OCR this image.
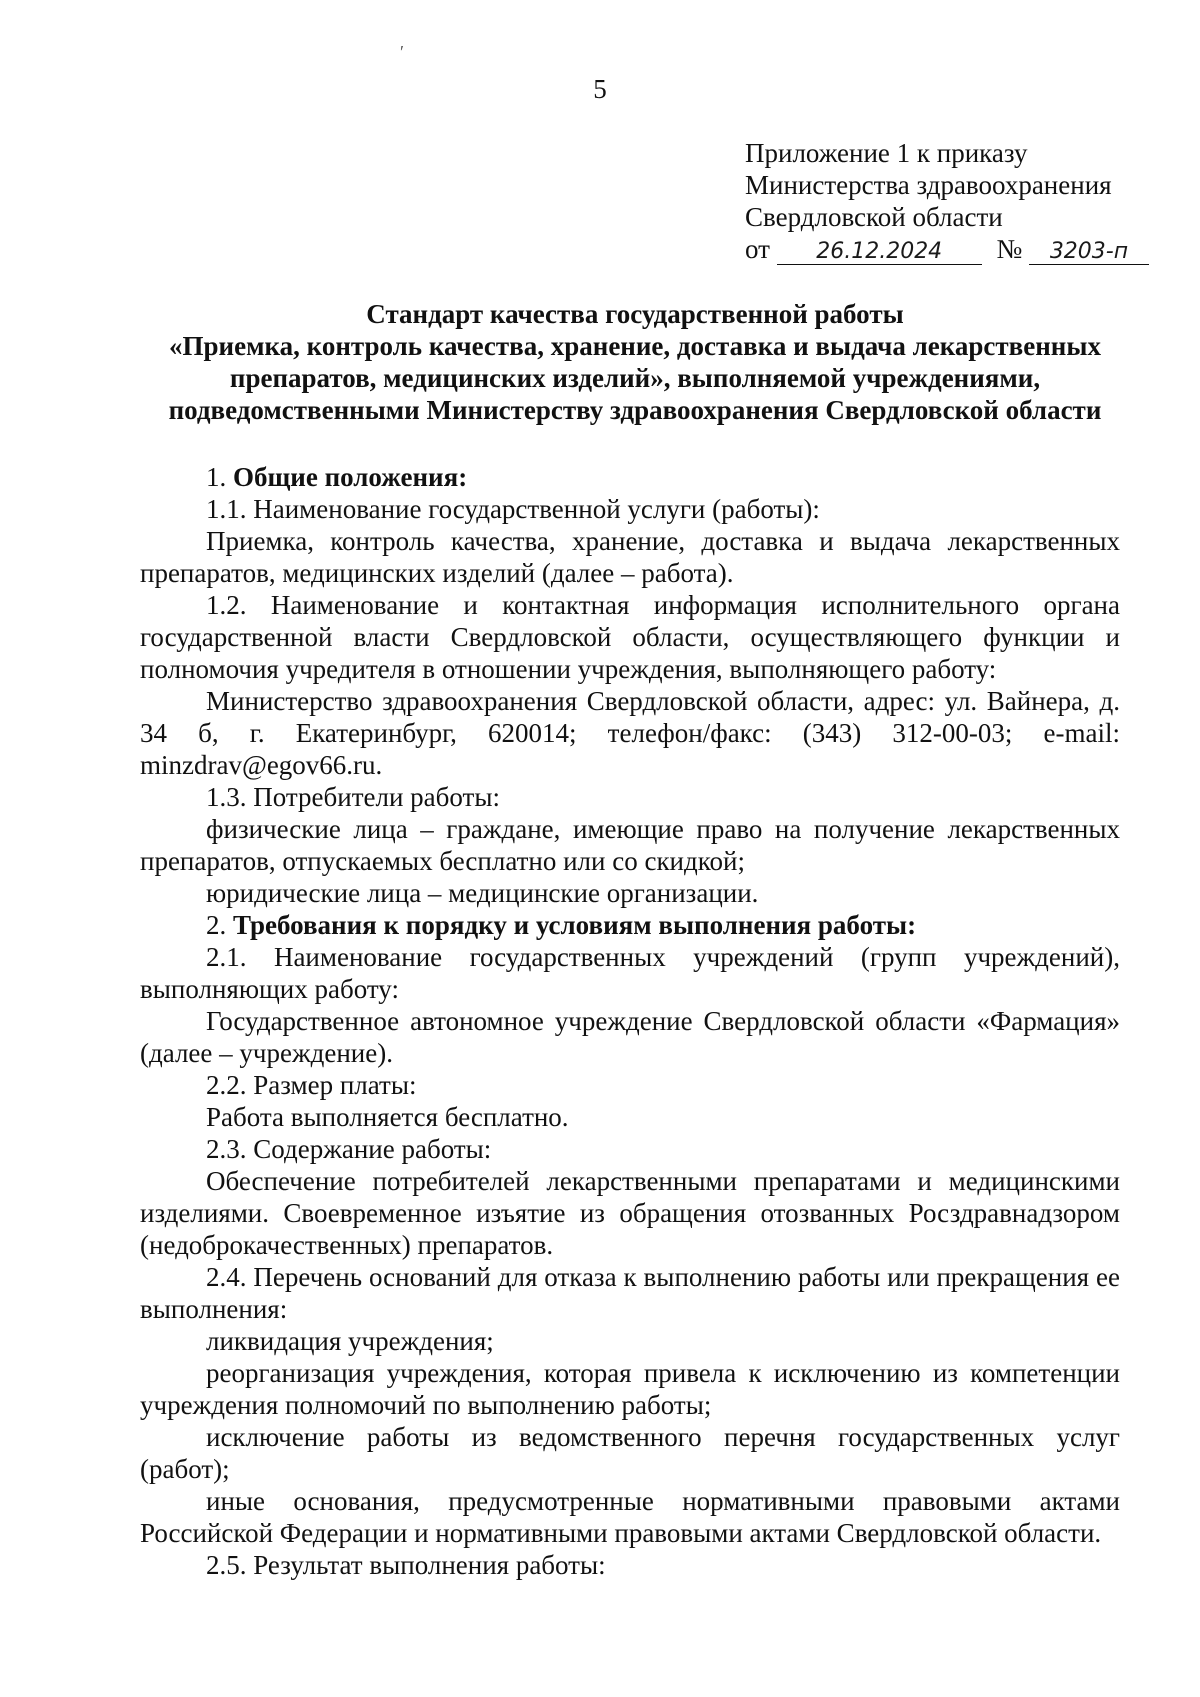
′
5
Приложение 1 к приказу
Министерства здравоохранения
Свердловской области
от 26.12.2024 № 3203-п
Стандарт качества государственной работы
«Приемка, контроль качества, хранение, доставка и выдача лекарственных
препаратов, медицинских изделий», выполняемой учреждениями,
подведомственными Министерству здравоохранения Свердловской области

1. Общие положения:

1.1. Наименование государственной услуги (работы):

Приемка, контроль качества, хранение, доставка и выдача лекарственных препаратов, медицинских изделий (далее – работа).

1.2. Наименование и контактная информация исполнительного органа государственной власти Свердловской области, осуществляющего функции и полномочия учредителя в отношении учреждения, выполняющего работу:

Министерство здравоохранения Свердловской области, адрес: ул. Вайнера, д. 34 б, г. Екатеринбург, 620014; телефон/факс: (343) 312-00-03; e-mail: minzdrav@egov66.ru.

1.3. Потребители работы:

физические лица – граждане, имеющие право на получение лекарственных препаратов, отпускаемых бесплатно или со скидкой;

юридические лица – медицинские организации.

2. Требования к порядку и условиям выполнения работы:

2.1. Наименование государственных учреждений (групп учреждений), выполняющих работу:

Государственное автономное учреждение Свердловской области «Фармация» (далее – учреждение).

2.2. Размер платы:

Работа выполняется бесплатно.

2.3. Содержание работы:

Обеспечение потребителей лекарственными препаратами и медицинскими изделиями. Своевременное изъятие из обращения отозванных Росздравнадзором (недоброкачественных) препаратов.

2.4. Перечень оснований для отказа к выполнению работы или прекращения ее выполнения:

ликвидация учреждения;

реорганизация учреждения, которая привела к исключению из компетенции учреждения полномочий по выполнению работы;

исключение работы из ведомственного перечня государственных услуг (работ);

иные основания, предусмотренные нормативными правовыми актами Российской Федерации и нормативными правовыми актами Свердловской области.

2.5. Результат выполнения работы:
